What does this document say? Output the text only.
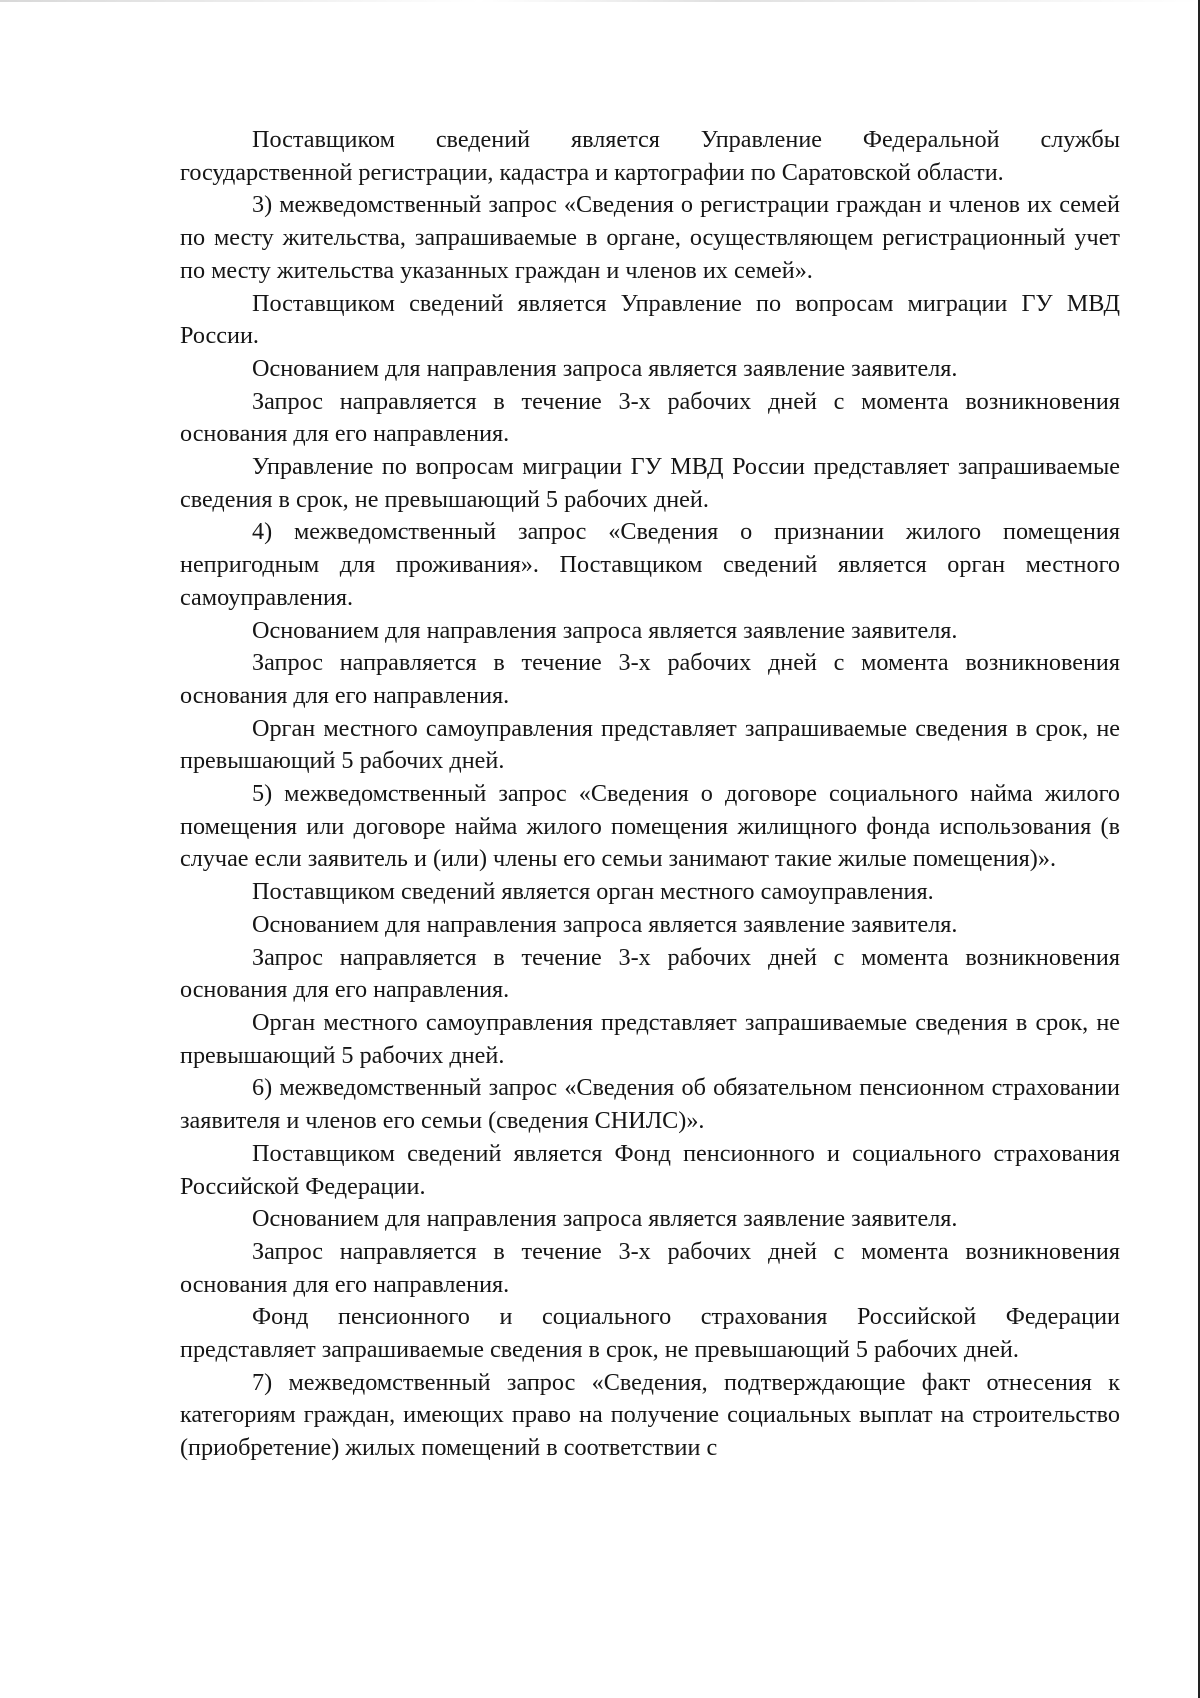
Поставщиком сведений является Управление Федеральной службы государственной регистрации, кадастра и картографии по Саратовской области.

3) межведомственный запрос «Сведения о регистрации граждан и членов их семей по месту жительства, запрашиваемые в органе, осуществляющем регистрационный учет по месту жительства указанных граждан и членов их семей».

Поставщиком сведений является Управление по вопросам миграции ГУ МВД России.

Основанием для направления запроса является заявление заявителя.

Запрос направляется в течение 3-х рабочих дней с момента возникновения основания для его направления.

Управление по вопросам миграции ГУ МВД России представляет запрашиваемые сведения в срок, не превышающий 5 рабочих дней.

4) межведомственный запрос «Сведения о признании жилого помещения непригодным для проживания». Поставщиком сведений является орган местного самоуправления.

Основанием для направления запроса является заявление заявителя.

Запрос направляется в течение 3-х рабочих дней с момента возникновения основания для его направления.

Орган местного самоуправления представляет запрашиваемые сведения в срок, не превышающий 5 рабочих дней.

5) межведомственный запрос «Сведения о договоре социального найма жилого помещения или договоре найма жилого помещения жилищного фонда использования (в случае если заявитель и (или) члены его семьи занимают такие жилые помещения)».

Поставщиком сведений является орган местного самоуправления.

Основанием для направления запроса является заявление заявителя.

Запрос направляется в течение 3-х рабочих дней с момента возникновения основания для его направления.

Орган местного самоуправления представляет запрашиваемые сведения в срок, не превышающий 5 рабочих дней.

6) межведомственный запрос «Сведения об обязательном пенсионном страховании заявителя и членов его семьи (сведения СНИЛС)».

Поставщиком сведений является Фонд пенсионного и социального страхования Российской Федерации.

Основанием для направления запроса является заявление заявителя.

Запрос направляется в течение 3-х рабочих дней с момента возникновения основания для его направления.

Фонд пенсионного и социального страхования Российской Федерации представляет запрашиваемые сведения в срок, не превышающий 5 рабочих дней.

7) межведомственный запрос «Сведения, подтверждающие факт отнесения к категориям граждан, имеющих право на получение социальных выплат на строительство (приобретение) жилых помещений в соответствии с
